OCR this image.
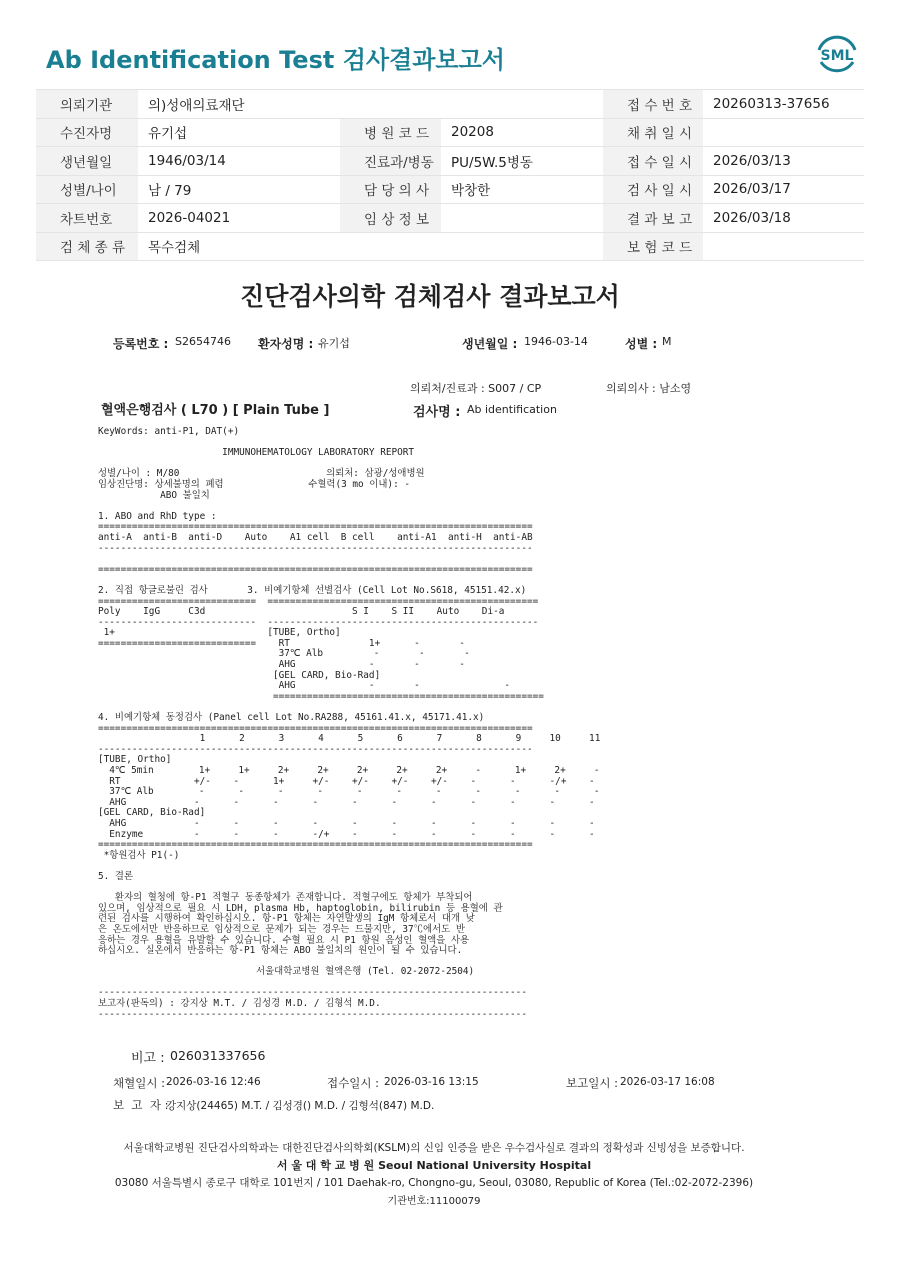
Ab Identification Test 검사결과보고서	SML
의뢰기관	의)성애의료재단			접 수 번 호	20260313-37656
수진자명	유기섭	병 원 코 드	20208	채 취 일 시	
생년월일	1946/03/14	진료과/병동	PU/5W.5병동	접 수 일 시	2026/03/13
성별/나이	남 / 79	담 당 의 사	박창한	검 사 일 시	2026/03/17
차트번호	2026-04021	임 상 정 보		결 과 보 고	2026/03/18
검 체 종 류	목수검체			보 험 코 드	
진단검사의학 검체검사 결과보고서
등록번호 : S2654746 환자성명 : 유기섭	생년월일 : 1946-03-14	성별 : M
의뢰처/진료과 : S007 / CP	의뢰의사 : 남소영
혈액은행검사 ( L70 ) [ Plain Tube ]	검사명 : Ab identification
KeyWords: anti-P1, DAT(+)
IMMUNOHEMATOLOGY LABORATORY REPORT
성별/나이 : M/80                          의뢰처: 삼광/성애병원
임상진단명: 상세불명의 폐렴               수혈력(3 mo 이내): -
ABO 불일치
1. ABO and RhD type :
=============================================================================
anti-A  anti-B  anti-D    Auto    A1 cell  B cell    anti-A1  anti-H  anti-AB
-----------------------------------------------------------------------------
=============================================================================
2. 직접 항글로불린 검사       3. 비예기항체 선별검사 (Cell Lot No.S618, 45151.42.x)
============================  ================================================
Poly    IgG     C3d                          S I    S II    Auto    Di-a
----------------------------  ------------------------------------------------
1+                           [TUBE, Ortho]
============================    RT              1+      -       -
37℃ Alb         -       -       -
AHG             -       -       -
[GEL CARD, Bio-Rad]
AHG             -       -               -
================================================
4. 비예기항체 동정검사 (Panel cell Lot No.RA288, 45161.41.x, 45171.41.x)
=============================================================================
1      2      3      4      5      6      7      8      9     10     11
-----------------------------------------------------------------------------
[TUBE, Ortho]
4℃ 5min        1+     1+     2+     2+     2+     2+     2+     -      1+     2+     -
RT             +/-    -      1+     +/-    +/-    +/-    +/-    -      -      -/+    -
37℃ Alb        -      -      -      -      -      -      -      -      -      -      -
AHG            -      -      -      -      -      -      -      -      -      -      -
[GEL CARD, Bio-Rad]
AHG            -      -      -      -      -      -      -      -      -      -      -
Enzyme         -      -      -      -/+    -      -      -      -      -      -      -
=============================================================================
*항원검사 P1(-)
5. 결론
환자의 혈청에 항-P1 적혈구 동종항체가 존재합니다. 적혈구에도 항체가 부착되어
있으며, 임상적으로 필요 시 LDH, plasma Hb, haptoglobin, bilirubin 등 용혈에 관
련된 검사를 시행하여 확인하십시오. 항-P1 항체는 자연발생의 IgM 항체로서 대개 낮
은 온도에서만 반응하므로 임상적으로 문제가 되는 경우는 드물지만, 37℃에서도 반
응하는 경우 용혈을 유발할 수 있습니다. 수혈 필요 시 P1 항원 음성인 혈액을 사용
하십시오. 실온에서 반응하는 항-P1 항체는 ABO 불일치의 원인이 될 수 있습니다.
서울대학교병원 혈액은행 (Tel. 02-2072-2504)
----------------------------------------------------------------------------
보고자(판독의) : 강지상 M.T. / 김성경 M.D. / 김형석 M.D.
----------------------------------------------------------------------------
비고 : 026031337656
채혈일시 : 2026-03-16 12:46	접수일시 : 2026-03-16 13:15	보고일시 : 2026-03-17 16:08
보  고  자 :
강지상(24465) M.T. / 김성경() M.D. / 김형석(847) M.D.
서울대학교병원 진단검사의학과는 대한진단검사의학회(KSLM)의 신임 인증을 받은 우수검사실로 결과의 정확성과 신빙성을 보증합니다.
서 울 대 학 교 병 원 Seoul National University Hospital
03080 서울특별시 종로구 대학로 101번지 / 101 Daehak-ro, Chongno-gu, Seoul, 03080, Republic of Korea (Tel.:02-2072-2396)
기관번호:11100079
